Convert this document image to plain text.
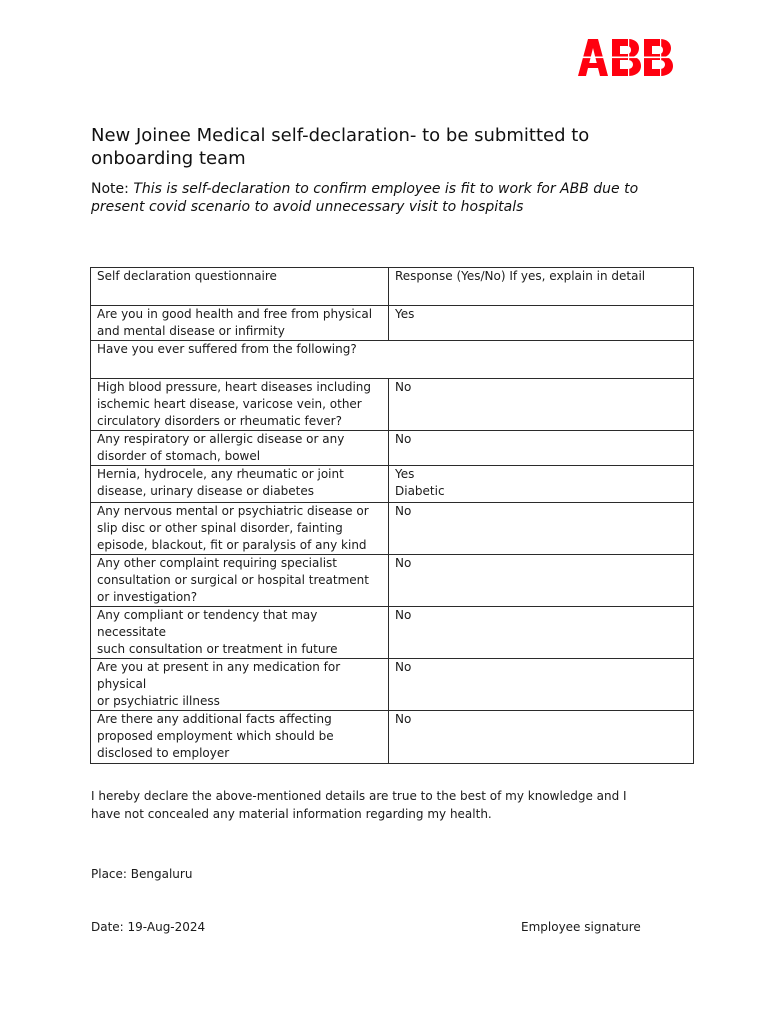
New Joinee Medical self-declaration- to be submitted to onboarding team
Note: This is self-declaration to confirm employee is fit to work for ABB due to present covid scenario to avoid unnecessary visit to hospitals
Self declaration questionnaire	Response (Yes/No) If yes, explain in detail
Are you in good health and free from physical
and mental disease or infirmity	Yes
Have you ever suffered from the following?	
High blood pressure, heart diseases including
ischemic heart disease, varicose vein, other
circulatory disorders or rheumatic fever?	No
Any respiratory or allergic disease or any
disorder of stomach, bowel	No
Hernia, hydrocele, any rheumatic or joint
disease, urinary disease or diabetes	Yes
Diabetic
Any nervous mental or psychiatric disease or
slip disc or other spinal disorder, fainting
episode, blackout, fit or paralysis of any kind	No
Any other complaint requiring specialist
consultation or surgical or hospital treatment
or investigation?	No
Any compliant or tendency that may
necessitate
such consultation or treatment in future	No
Are you at present in any medication for
physical
or psychiatric illness	No
Are there any additional facts affecting
proposed employment which should be
disclosed to employer	No
I hereby declare the above-mentioned details are true to the best of my knowledge and I have not concealed any material information regarding my health.
Place: Bengaluru
Date: 19-Aug-2024	Employee signature
